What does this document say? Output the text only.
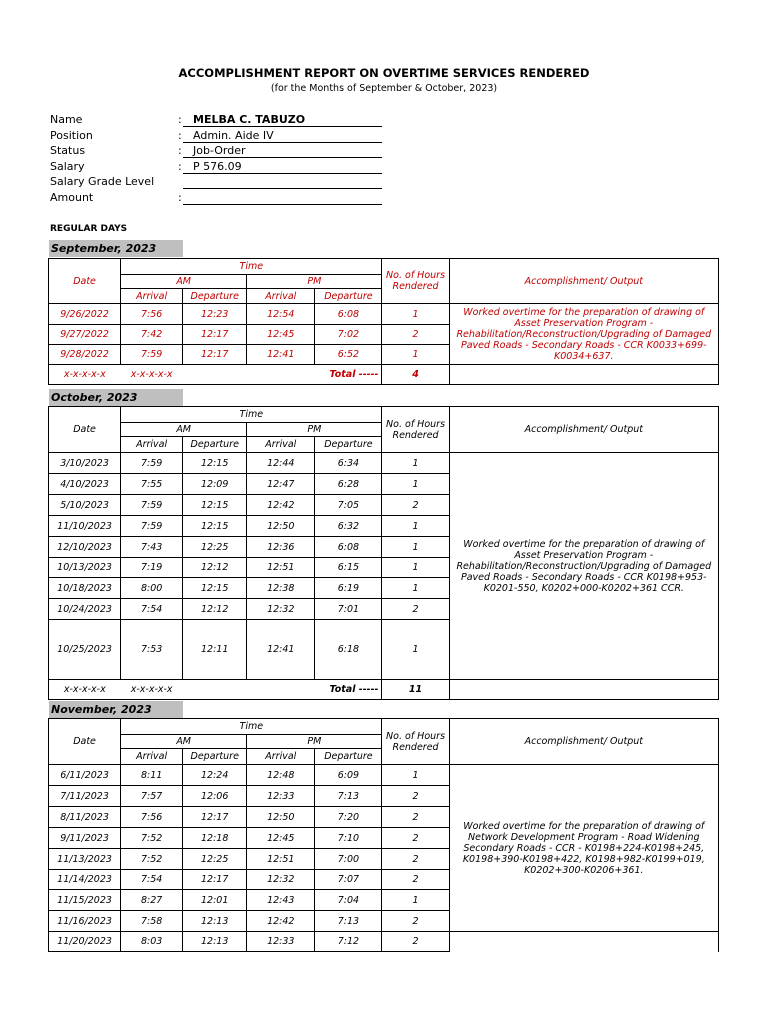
ACCOMPLISHMENT REPORT ON OVERTIME SERVICES RENDERED
(for the Months of September & October, 2023)
Name	:	MELBA C. TABUZO
Position	:	Admin. Aide IV
Status	:	Job-Order
Salary	:	P 576.09
Salary Grade Level
Amount	:
REGULAR DAYS
September, 2023
Date	Time				No. of Hours Rendered	Accomplishment/ Output
	AM		PM			
	Arrival	Departure	Arrival	Departure		
9/26/2022	7:56	12:23	12:54	6:08	1	Worked overtime for the preparation of drawing of Asset Preservation Program - Rehabilitation/Reconstruction/Upgrading of Damaged Paved Roads - Secondary Roads - CCR K0033+699-K0034+637.
9/27/2022	7:42	12:17	12:45	7:02	2	
9/28/2022	7:59	12:17	12:41	6:52	1	
x-x-x-x-x	x-x-x-x-x	Total -----			4	
October, 2023
Date	Time				No. of Hours Rendered	Accomplishment/ Output
	AM		PM			
	Arrival	Departure	Arrival	Departure		
3/10/2023	7:59	12:15	12:44	6:34	1	Worked overtime for the preparation of drawing of Asset Preservation Program - Rehabilitation/Reconstruction/Upgrading of Damaged Paved Roads - Secondary Roads - CCR K0198+953-K0201-550, K0202+000-K0202+361 CCR.
4/10/2023	7:55	12:09	12:47	6:28	1	
5/10/2023	7:59	12:15	12:42	7:05	2	
11/10/2023	7:59	12:15	12:50	6:32	1	
12/10/2023	7:43	12:25	12:36	6:08	1	
10/13/2023	7:19	12:12	12:51	6:15	1	
10/18/2023	8:00	12:15	12:38	6:19	1	
10/24/2023	7:54	12:12	12:32	7:01	2	
10/25/2023	7:53	12:11	12:41	6:18	1	
x-x-x-x-x	x-x-x-x-x	Total -----			11	
November, 2023
Date	Time				No. of Hours Rendered	Accomplishment/ Output
	AM		PM			
	Arrival	Departure	Arrival	Departure		
6/11/2023	8:11	12:24	12:48	6:09	1	Worked overtime for the preparation of drawing of Network Development Program - Road Widening Secondary Roads - CCR - K0198+224-K0198+245, K0198+390-K0198+422, K0198+982-K0199+019, K0202+300-K0206+361.
7/11/2023	7:57	12:06	12:33	7:13	2	
8/11/2023	7:56	12:17	12:50	7:20	2	
9/11/2023	7:52	12:18	12:45	7:10	2	
11/13/2023	7:52	12:25	12:51	7:00	2	
11/14/2023	7:54	12:17	12:32	7:07	2	
11/15/2023	8:27	12:01	12:43	7:04	1	
11/16/2023	7:58	12:13	12:42	7:13	2	
11/20/2023	8:03	12:13	12:33	7:12	2	
